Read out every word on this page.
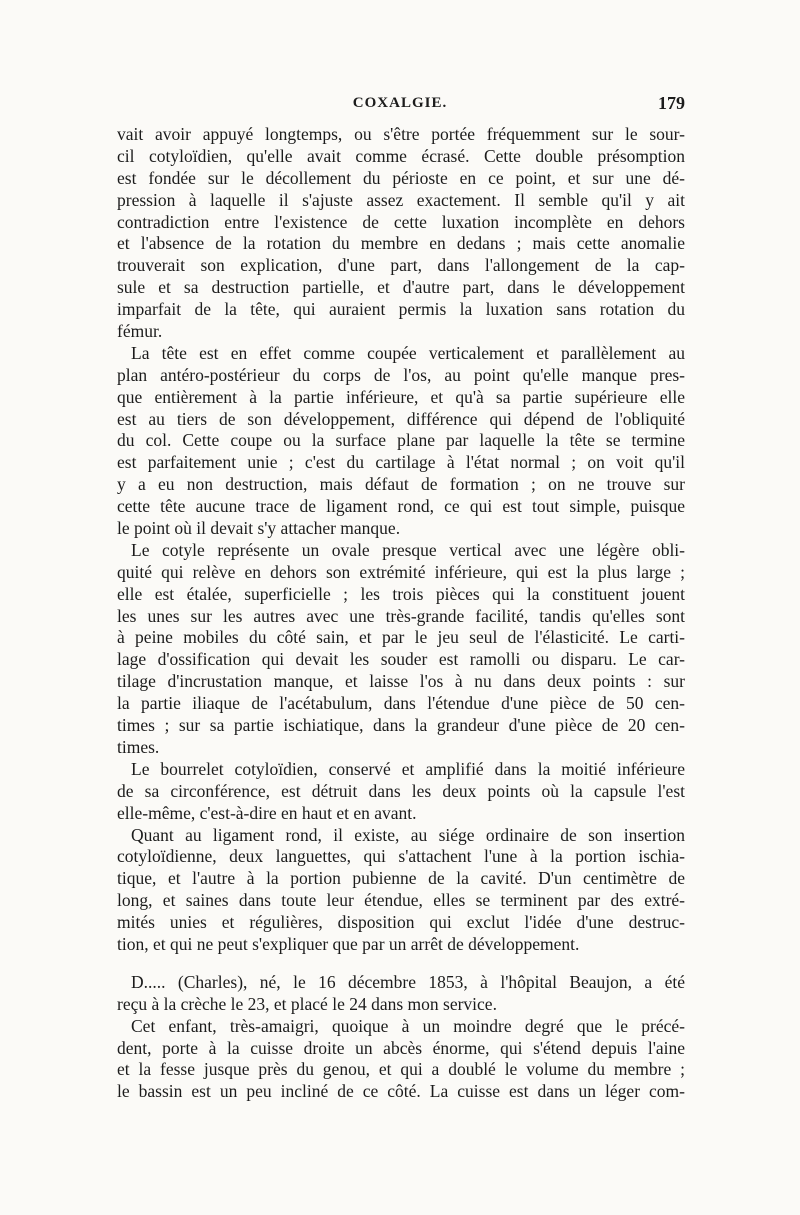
COXALGIE.	179
vait avoir appuyé longtemps, ou s'être portée fréquemment sur le sour-
cil cotyloïdien, qu'elle avait comme écrasé. Cette double présomption
est fondée sur le décollement du périoste en ce point, et sur une dé-
pression à laquelle il s'ajuste assez exactement. Il semble qu'il y ait
contradiction entre l'existence de cette luxation incomplète en dehors
et l'absence de la rotation du membre en dedans ; mais cette anomalie
trouverait son explication, d'une part, dans l'allongement de la cap-
sule et sa destruction partielle, et d'autre part, dans le développement
imparfait de la tête, qui auraient permis la luxation sans rotation du
fémur.
La tête est en effet comme coupée verticalement et parallèlement au
plan antéro-postérieur du corps de l'os, au point qu'elle manque pres-
que entièrement à la partie inférieure, et qu'à sa partie supérieure elle
est au tiers de son développement, différence qui dépend de l'obliquité
du col. Cette coupe ou la surface plane par laquelle la tête se termine
est parfaitement unie ; c'est du cartilage à l'état normal ; on voit qu'il
y a eu non destruction, mais défaut de formation ; on ne trouve sur
cette tête aucune trace de ligament rond, ce qui est tout simple, puisque
le point où il devait s'y attacher manque.
Le cotyle représente un ovale presque vertical avec une légère obli-
quité qui relève en dehors son extrémité inférieure, qui est la plus large ;
elle est étalée, superficielle ; les trois pièces qui la constituent jouent
les unes sur les autres avec une très-grande facilité, tandis qu'elles sont
à peine mobiles du côté sain, et par le jeu seul de l'élasticité. Le carti-
lage d'ossification qui devait les souder est ramolli ou disparu. Le car-
tilage d'incrustation manque, et laisse l'os à nu dans deux points : sur
la partie iliaque de l'acétabulum, dans l'étendue d'une pièce de 50 cen-
times ; sur sa partie ischiatique, dans la grandeur d'une pièce de 20 cen-
times.
Le bourrelet cotyloïdien, conservé et amplifié dans la moitié inférieure
de sa circonférence, est détruit dans les deux points où la capsule l'est
elle-même, c'est-à-dire en haut et en avant.
Quant au ligament rond, il existe, au siége ordinaire de son insertion
cotyloïdienne, deux languettes, qui s'attachent l'une à la portion ischia-
tique, et l'autre à la portion pubienne de la cavité. D'un centimètre de
long, et saines dans toute leur étendue, elles se terminent par des extré-
mités unies et régulières, disposition qui exclut l'idée d'une destruc-
tion, et qui ne peut s'expliquer que par un arrêt de développement.
D..... (Charles), né, le 16 décembre 1853, à l'hôpital Beaujon, a été
reçu à la crèche le 23, et placé le 24 dans mon service.
Cet enfant, très-amaigri, quoique à un moindre degré que le précé-
dent, porte à la cuisse droite un abcès énorme, qui s'étend depuis l'aine
et la fesse jusque près du genou, et qui a doublé le volume du membre ;
le bassin est un peu incliné de ce côté. La cuisse est dans un léger com-
